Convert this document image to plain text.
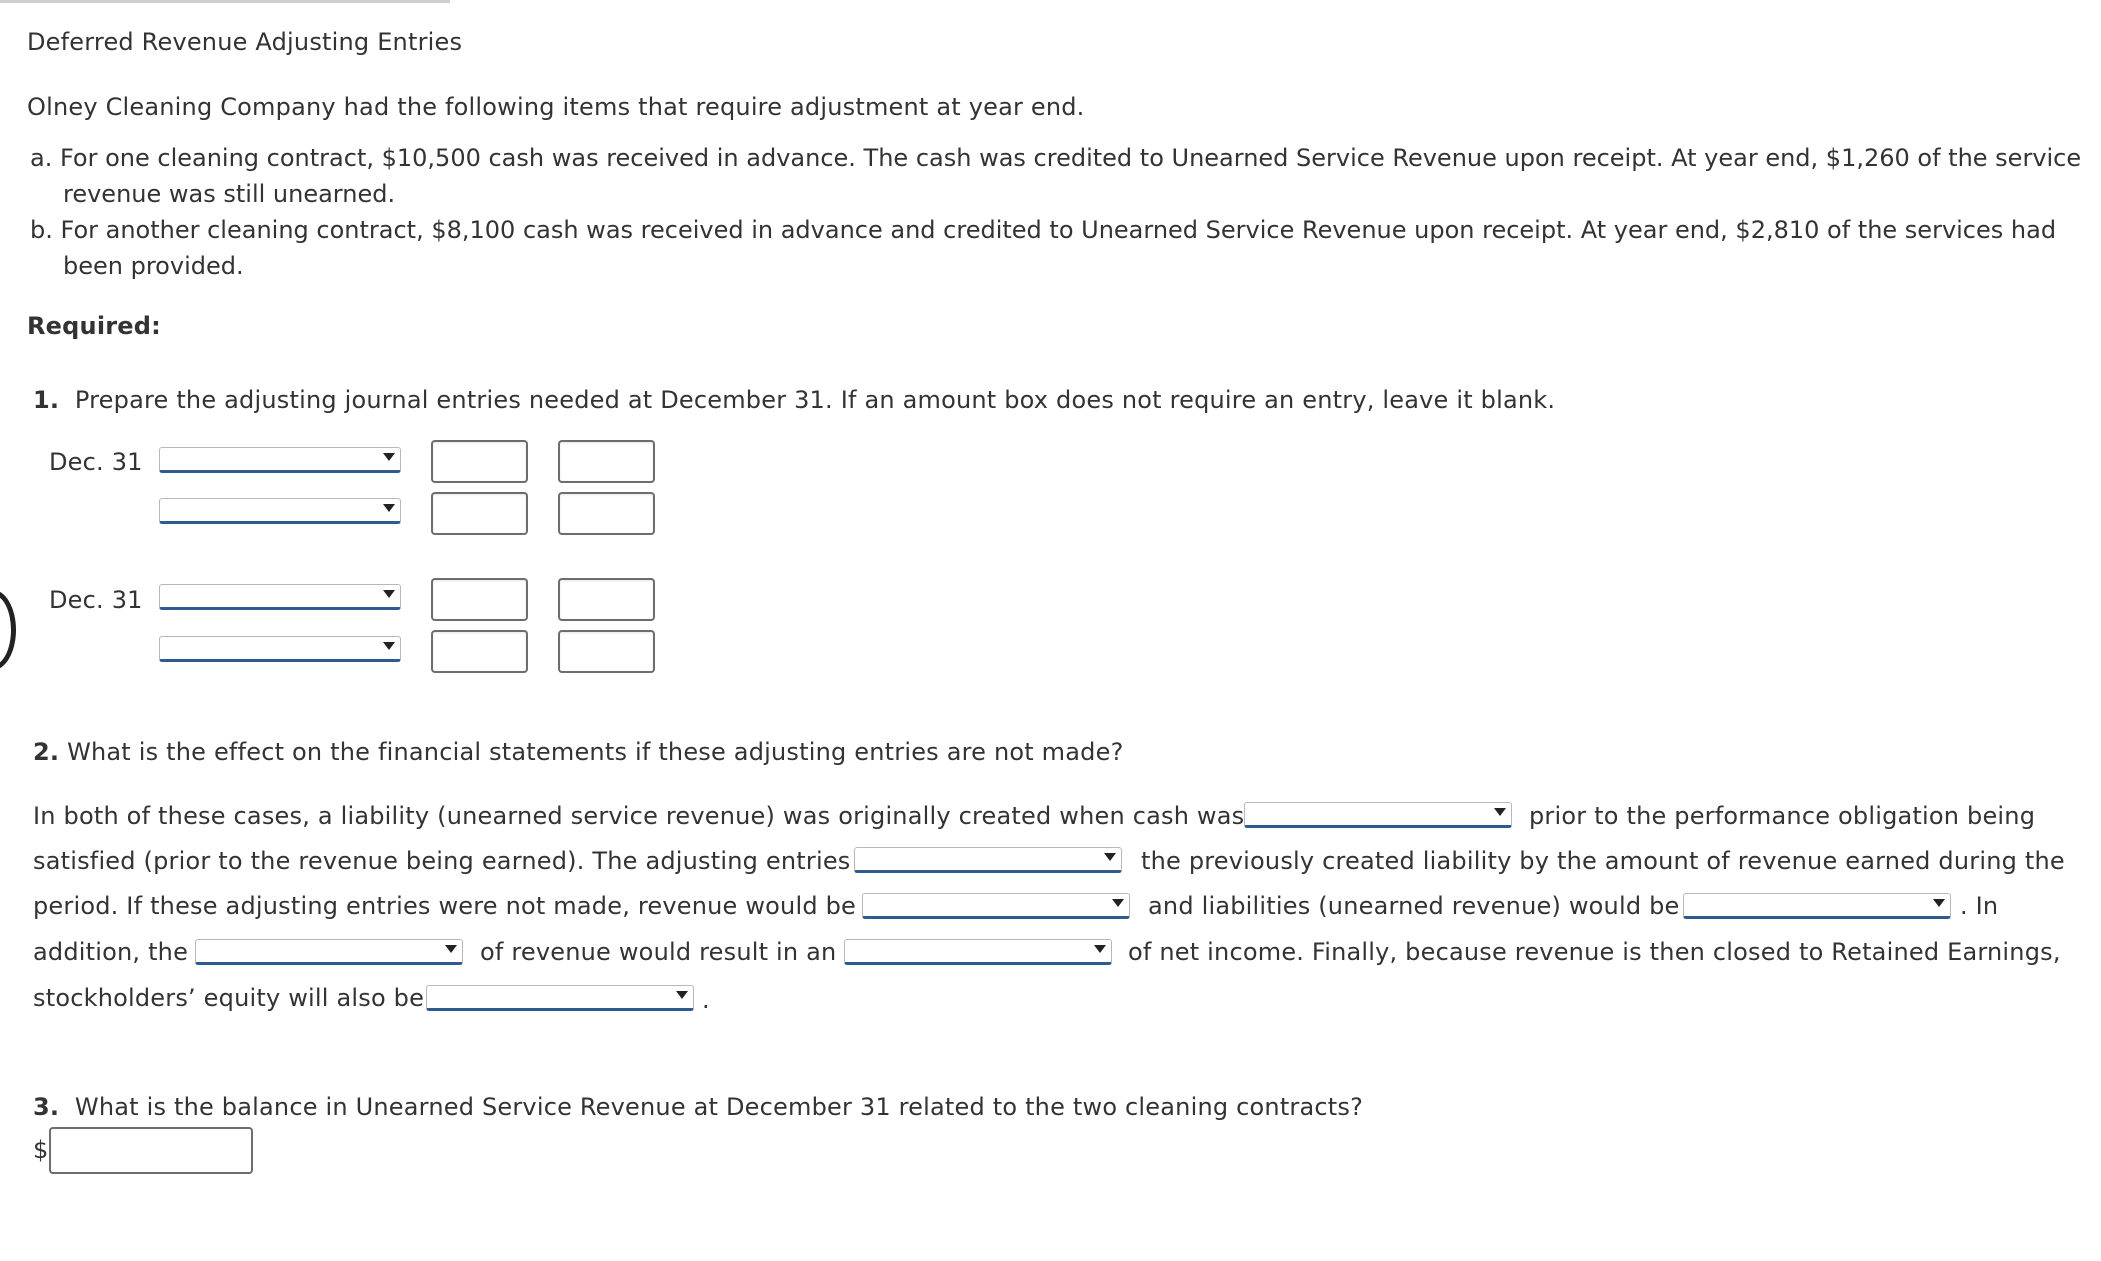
Deferred Revenue Adjusting Entries
Olney Cleaning Company had the following items that require adjustment at year end.
a. For one cleaning contract, $10,500 cash was received in advance. The cash was credited to Unearned Service Revenue upon receipt. At year end, $1,260 of the service
revenue was still unearned.
b. For another cleaning contract, $8,100 cash was received in advance and credited to Unearned Service Revenue upon receipt. At year end, $2,810 of the services had
been provided.
Required:
1. Prepare the adjusting journal entries needed at December 31. If an amount box does not require an entry, leave it blank.
Dec. 31
Dec. 31
2. What is the effect on the financial statements if these adjusting entries are not made?
In both of these cases, a liability (unearned service revenue) was originally created when cash was	prior to the performance obligation being
satisfied (prior to the revenue being earned). The adjusting entries	the previously created liability by the amount of revenue earned during the
period. If these adjusting entries were not made, revenue would be	and liabilities (unearned revenue) would be	. In
addition, the	of revenue would result in an	of net income. Finally, because revenue is then closed to Retained Earnings,
stockholders’ equity will also be	.
3. What is the balance in Unearned Service Revenue at December 31 related to the two cleaning contracts?
$
